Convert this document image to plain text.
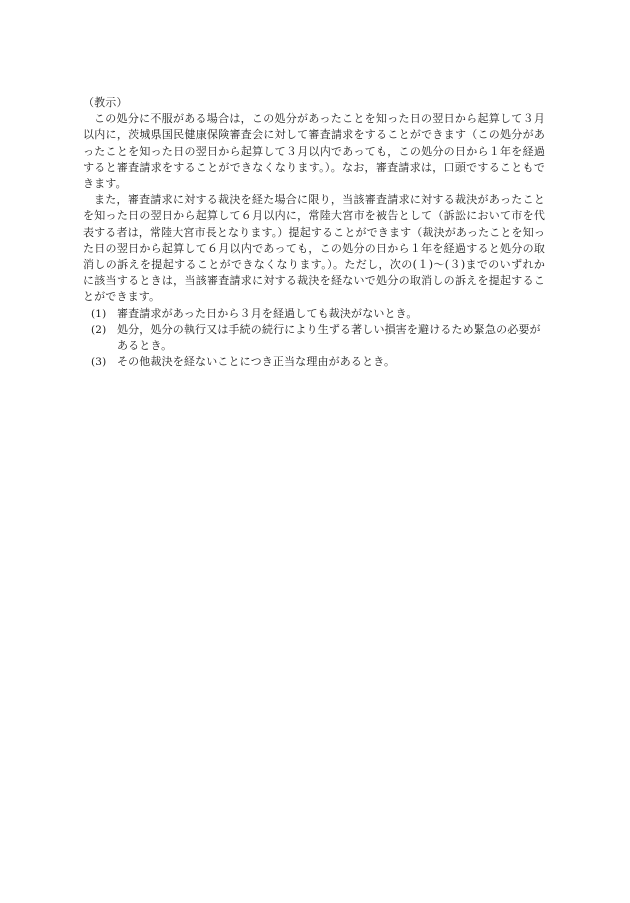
（教示）

この処分に不服がある場合は，この処分があったことを知った日の翌日から起算して３月以内に，茨城県国民健康保険審査会に対して審査請求をすることができます（この処分があったことを知った日の翌日から起算して３月以内であっても，この処分の日から１年を経過すると審査請求をすることができなくなります。）。なお，審査請求は，口頭ですることもできます。

また，審査請求に対する裁決を経た場合に限り，当該審査請求に対する裁決があったことを知った日の翌日から起算して６月以内に，常陸大宮市を被告として（訴訟において市を代表する者は，常陸大宮市長となります。）提起することができます（裁決があったことを知った日の翌日から起算して６月以内であっても，この処分の日から１年を経過すると処分の取消しの訴えを提起することができなくなります。）。ただし，次の(１)～(３)までのいずれかに該当するときは，当該審査請求に対する裁決を経ないで処分の取消しの訴えを提起することができます。

(1) 審査請求があった日から３月を経過しても裁決がないとき。
(2) 処分，処分の執行又は手続の続行により生ずる著しい損害を避けるため緊急の必要があるとき。
(3) その他裁決を経ないことにつき正当な理由があるとき。
